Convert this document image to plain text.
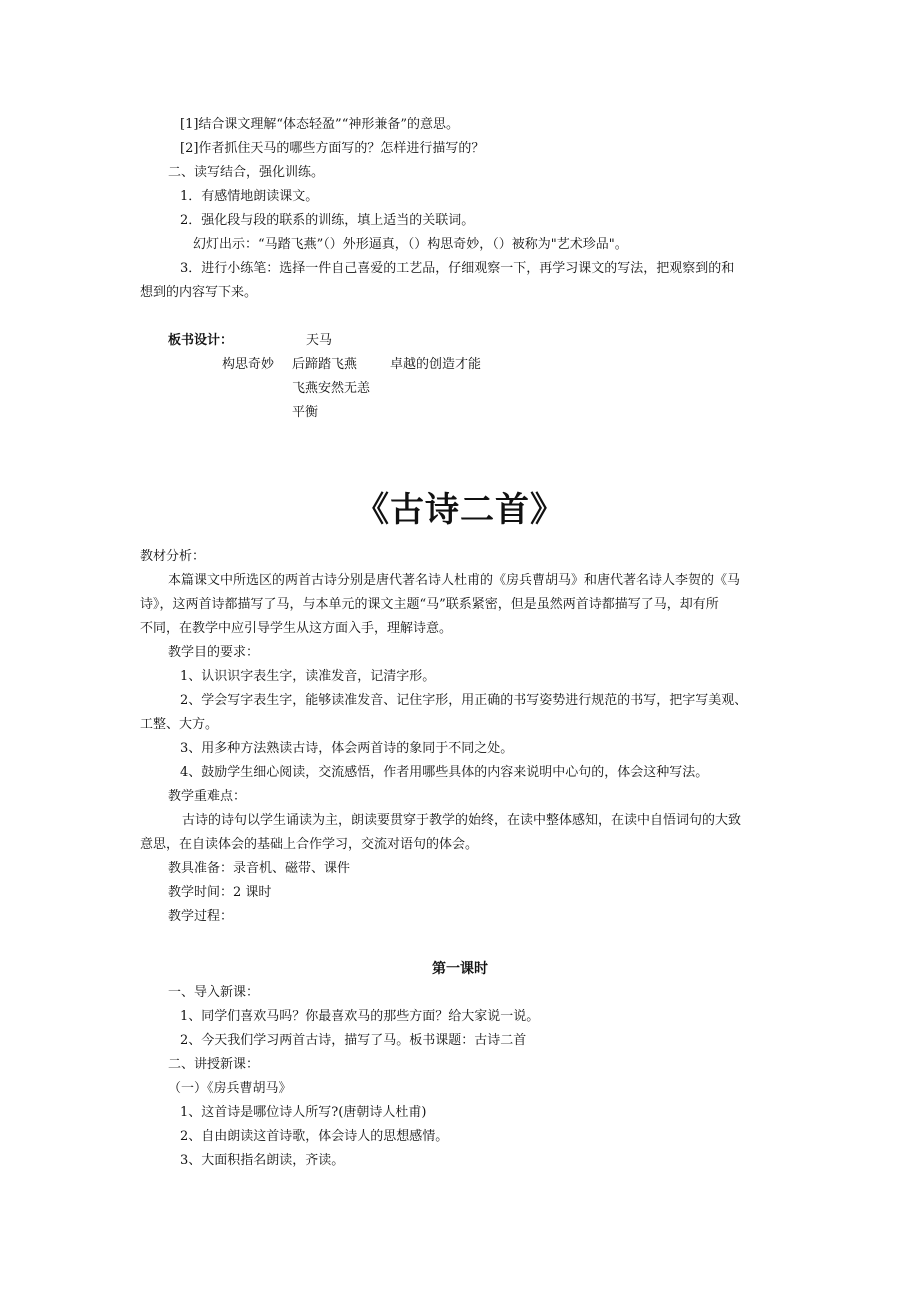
[1]结合课文理解“体态轻盈”“神形兼备”的意思。
[2]作者抓住天马的哪些方面写的？怎样进行描写的？
二、读写结合，强化训练。
1．有感情地朗读课文。
2．强化段与段的联系的训练，填上适当的关联词。
幻灯出示：“马踏飞燕”（）外形逼真，（）构思奇妙，（）被称为"艺术珍品"。
3．进行小练笔：选择一件自己喜爱的工艺品，仔细观察一下，再学习课文的写法，把观察到的和
想到的内容写下来。
板书设计：	天马
构思奇妙 后蹄踏飞燕	卓越的创造才能
飞燕安然无恙
平衡
《古诗二首》
教材分析：
本篇课文中所选区的两首古诗分别是唐代著名诗人杜甫的《房兵曹胡马》和唐代著名诗人李贺的《马
诗》，这两首诗都描写了马，与本单元的课文主题“马”联系紧密，但是虽然两首诗都描写了马，却有所
不同，在教学中应引导学生从这方面入手，理解诗意。
教学目的要求：
1、认识识字表生字，读准发音，记清字形。
2、学会写字表生字，能够读准发音、记住字形，用正确的书写姿势进行规范的书写，把字写美观、
工整、大方。
3、用多种方法熟读古诗，体会两首诗的象同于不同之处。
4、鼓励学生细心阅读，交流感悟，作者用哪些具体的内容来说明中心句的，体会这种写法。
教学重难点：
古诗的诗句以学生诵读为主，朗读要贯穿于教学的始终，在读中整体感知，在读中自悟词句的大致
意思，在自读体会的基础上合作学习，交流对语句的体会。
教具准备：录音机、磁带、课件
教学时间：2 课时
教学过程：
第一课时
一、导入新课：
1、同学们喜欢马吗？你最喜欢马的那些方面？给大家说一说。
2、今天我们学习两首古诗，描写了马。板书课题：古诗二首
二、讲授新课：
（一）《房兵曹胡马》
1、这首诗是哪位诗人所写?(唐朝诗人杜甫)
2、自由朗读这首诗歌，体会诗人的思想感情。
3、大面积指名朗读，齐读。
